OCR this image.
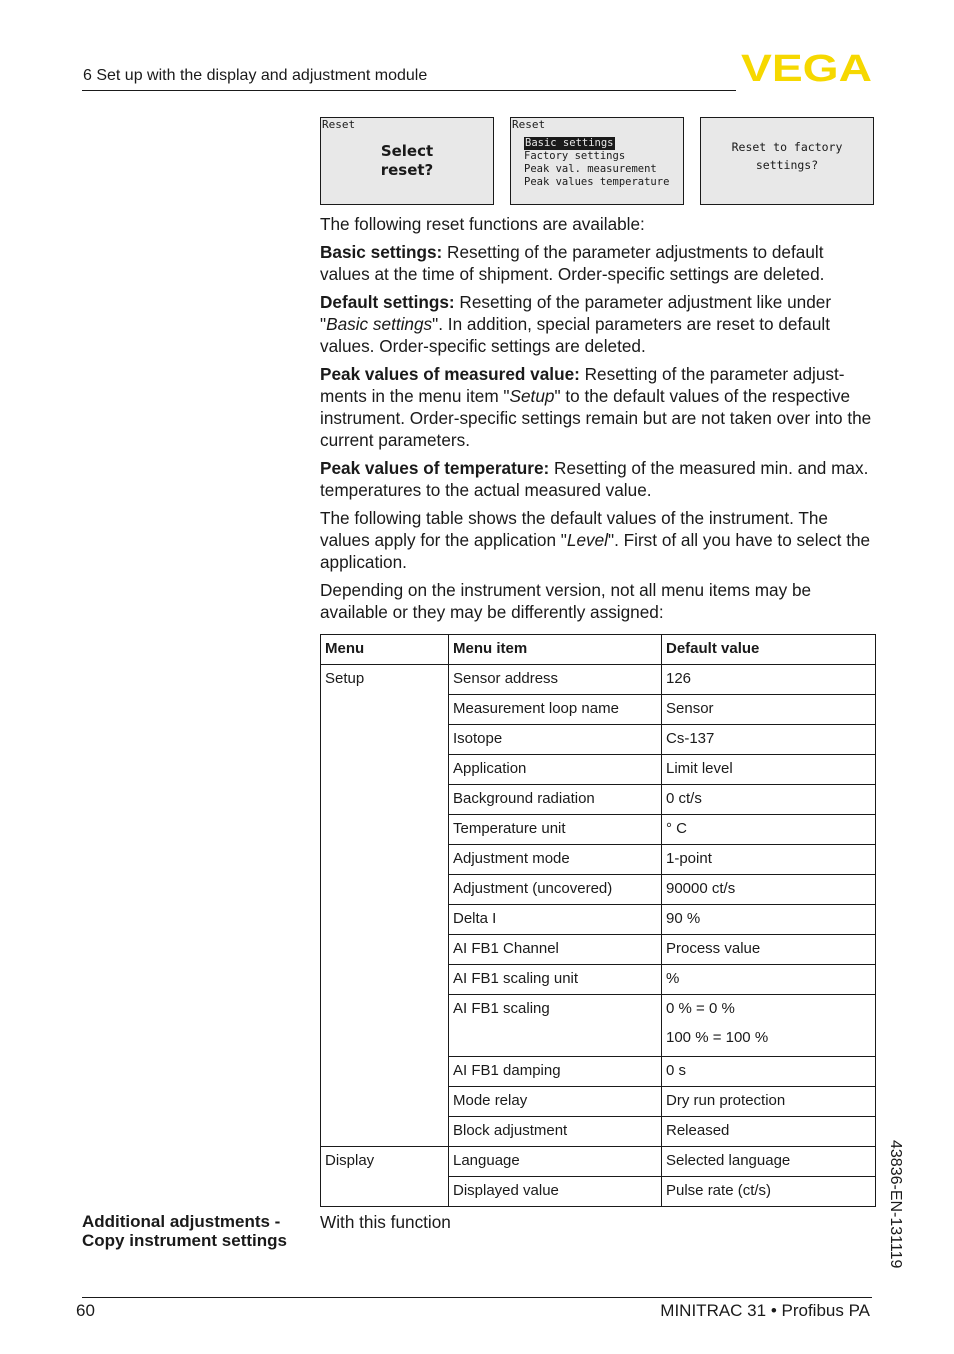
6 Set up with the display and adjustment module	VEGA
Reset
Select
reset?
Reset
Basic settings
Factory settings
Peak val. measurement
Peak values temperature
Reset to factory
settings?

The following reset functions are available:

Basic settings: Resetting of the parameter adjustments to default values at the time of shipment. Order-specific settings are deleted.

Default settings: Resetting of the parameter adjustment like under "Basic settings". In addition, special parameters are reset to default values. Order-specific settings are deleted.

Peak values of measured value: Resetting of the parameter adjust-ments in the menu item "Setup" to the default values of the respective instrument. Order-specific settings remain but are not taken over into the current parameters.

Peak values of temperature: Resetting of the measured min. and max. temperatures to the actual measured value.

The following table shows the default values of the instrument. The values apply for the application "Level". First of all you have to select the application.

Depending on the instrument version, not all menu items may be available or they may be differently assigned:

Menu	Menu item	Default value
Setup	Sensor address	126
	Measurement loop name	Sensor
	Isotope	Cs-137
	Application	Limit level
	Background radiation	0 ct/s
	Temperature unit	° C
	Adjustment mode	1-point
	Adjustment (uncovered)	90000 ct/s
	Delta I	90 %
	AI FB1 Channel	Process value
	AI FB1 scaling unit	%
	AI FB1 scaling	0 % = 0 %
100 % = 100 %

	AI FB1 damping	0 s
	Mode relay	Dry run protection
	Block adjustment	Released
Display	Language	Selected language
	Displayed value	Pulse rate (ct/s)
Additional adjustments -
Copy instrument settings
With this function	43836-EN-131119
60	MINITRAC 31 • Profibus PA
